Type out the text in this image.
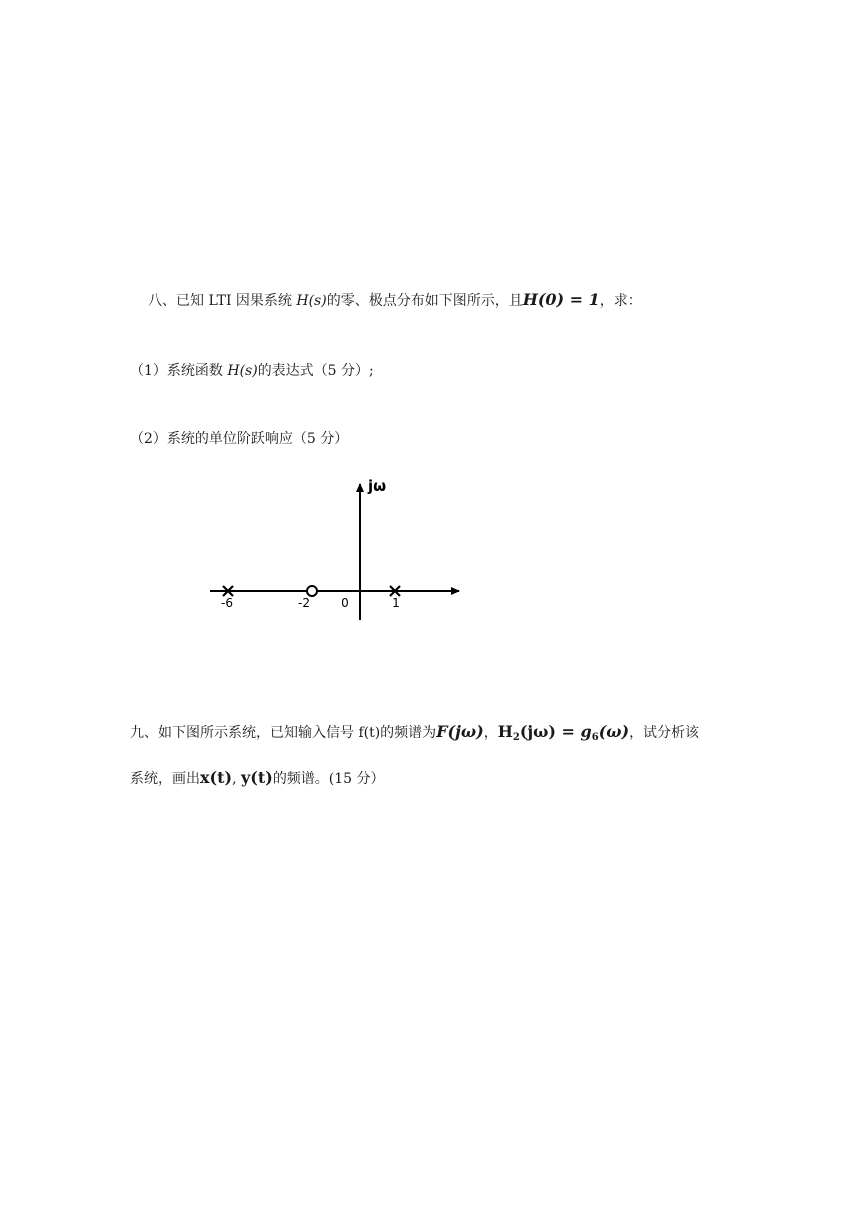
八、已知 LTI 因果系统 H(s)的零、极点分布如下图所示，且H(0) = 1，求：
（1）系统函数 H(s)的表达式（5 分）;
（2）系统的单位阶跃响应（5 分）
jω
-6	-2	0	1
九、如下图所示系统，已知输入信号 f(t)的频谱为F(jω)，$H_2(j\omega) = g_6(\omega)$，试分析该
系统，画出x(t), y(t)的频谱。(15 分）
